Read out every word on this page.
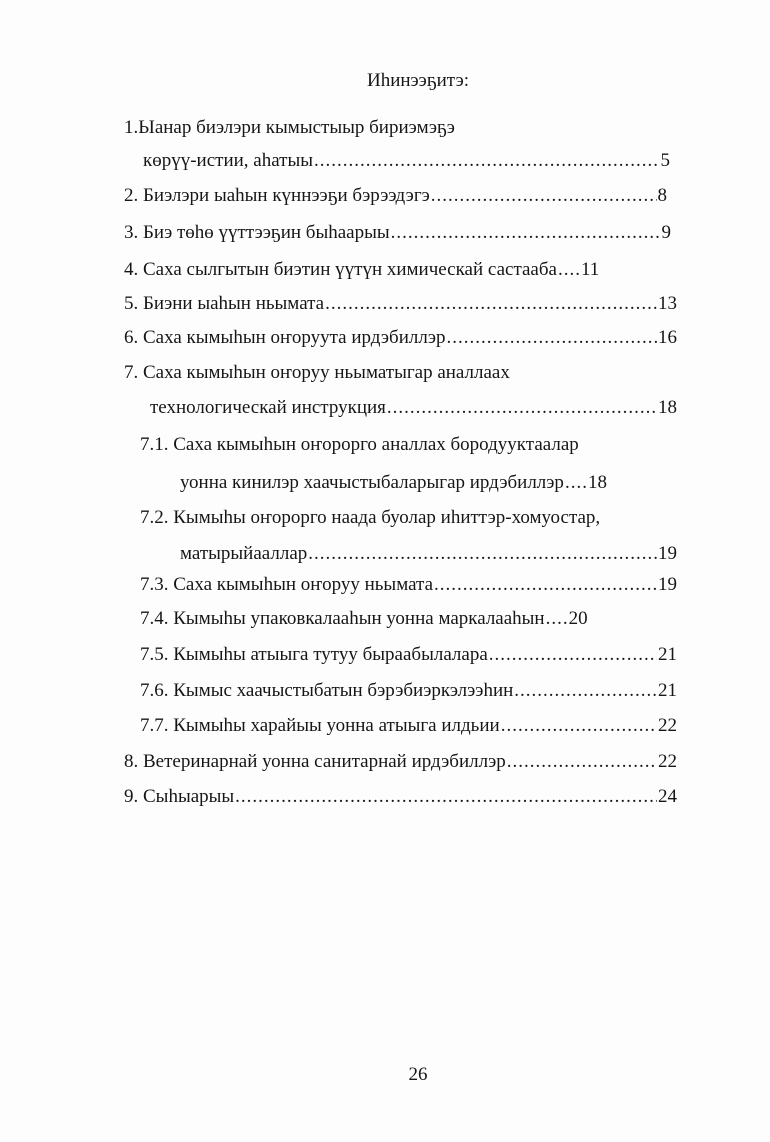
Иhинээҕитэ:
1.Ыанар биэлэри кымыстыыр бириэмэҕэ
көрүү-истии, аhатыы .....	5
2. Биэлэри ыаhын күннээҕи бэрээдэгэ .....	8
3. Биэ төhө үүттээҕин быhаарыы .....	9
4. Саха сылгытын биэтин үүтүн химическай састааба ..... 11
5. Биэни ыаhын ньымата .....	13
6. Саха кымыhын оҥоруута ирдэбиллэр .....	16
7. Саха кымыhын оҥоруу ньыматыгар аналлаах
технологическай инструкция .....	18
7.1. Саха кымыhын оҥорорго аналлах бородууктаалар
уонна кинилэр хаачыстыбаларыгар ирдэбиллэр ..... 18
7.2. Кымыhы оҥорорго наада буолар иhиттэр-хомуостар,
матырыйааллар .....	19
7.3. Саха кымыhын оҥоруу ньымата .....	19
7.4. Кымыhы упаковкалааhын уонна маркалааhын ..... 20
7.5. Кымыhы атыыга тутуу быраабылалара .....	21
7.6. Кымыс хаачыстыбатын бэрэбиэркэлээhин .....	21
7.7. Кымыhы харайыы уонна атыыга илдьии .....	22
8. Ветеринарнай уонна санитарнай ирдэбиллэр .....	22
9. Сыhыарыы .....	24
26
